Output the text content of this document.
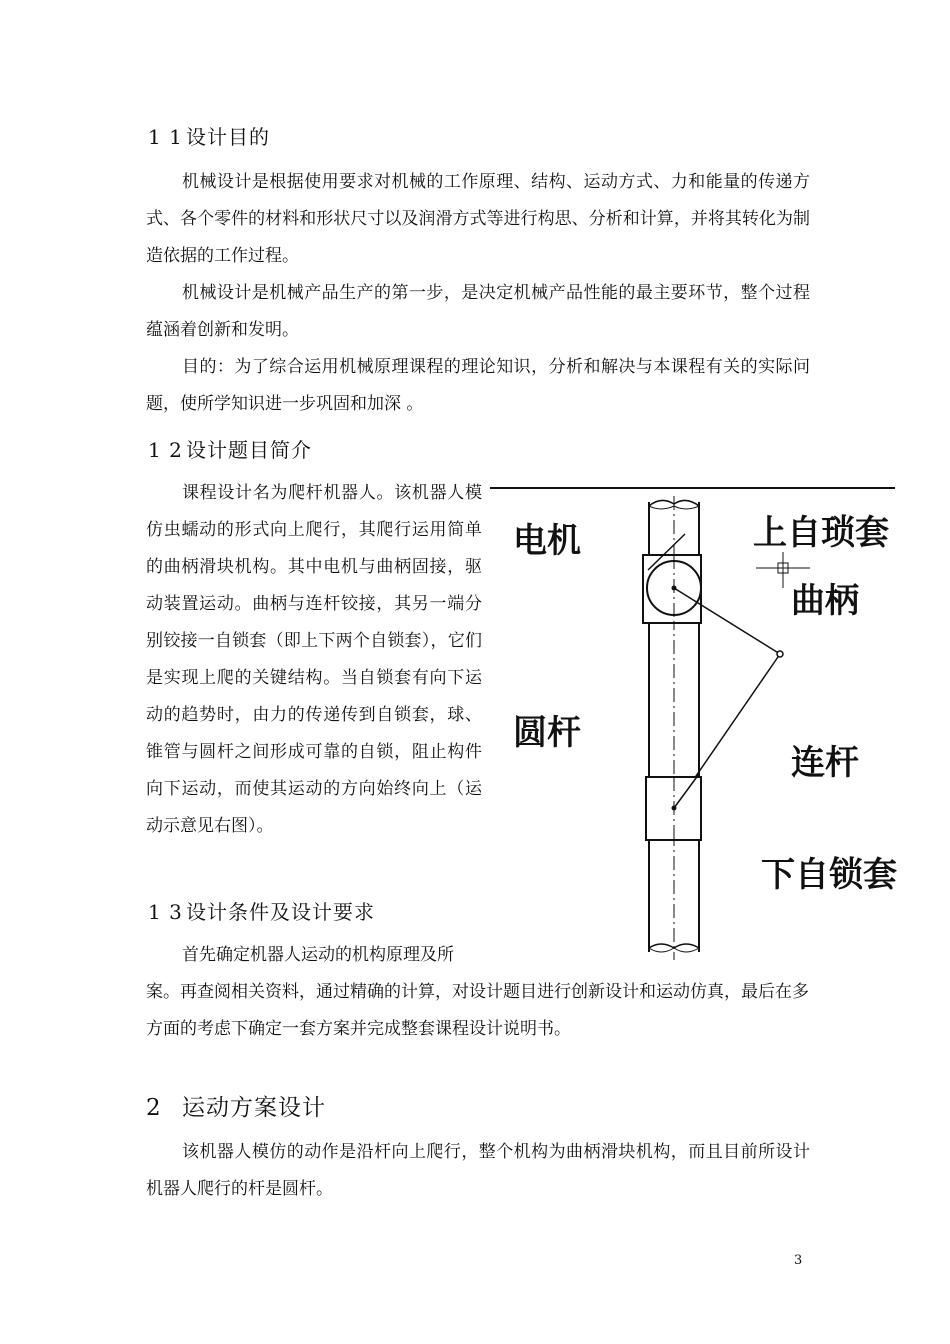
1 1 设计目的

机械设计是根据使用要求对机械的工作原理、结构、运动方式、力和能量的传递方式、各个零件的材料和形状尺寸以及润滑方式等进行构思、分析和计算，并将其转化为制造依据的工作过程。

机械设计是机械产品生产的第一步，是决定机械产品性能的最主要环节，整个过程蕴涵着创新和发明。

目的：为了综合运用机械原理课程的理论知识，分析和解决与本课程有关的实际问题，使所学知识进一步巩固和加深 。

1 2 设计题目简介

课程设计名为爬杆机器人。该机器人模仿虫蠕动的形式向上爬行，其爬行运用简单的曲柄滑块机构。其中电机与曲柄固接，驱动装置运动。曲柄与连杆铰接，其另一端分别铰接一自锁套（即上下两个自锁套），它们是实现上爬的关键结构。当自锁套有向下运动的趋势时，由力的传递传到自锁套，球、锥管与圆杆之间形成可靠的自锁，阻止构件向下运动，而使其运动的方向始终向上（运动示意见右图）。

1 3 设计条件及设计要求

首先确定机器人运动的机构原理及所

案。再查阅相关资料，通过精确的计算，对设计题目进行创新设计和运动仿真，最后在多方面的考虑下确定一套方案并完成整套课程设计说明书。

2 运动方案设计

该机器人模仿的动作是沿杆向上爬行，整个机构为曲柄滑块机构，而且目前所设计机器人爬行的杆是圆杆。

电机	上自琐套
曲柄
圆杆
连杆
下自锁套
3
